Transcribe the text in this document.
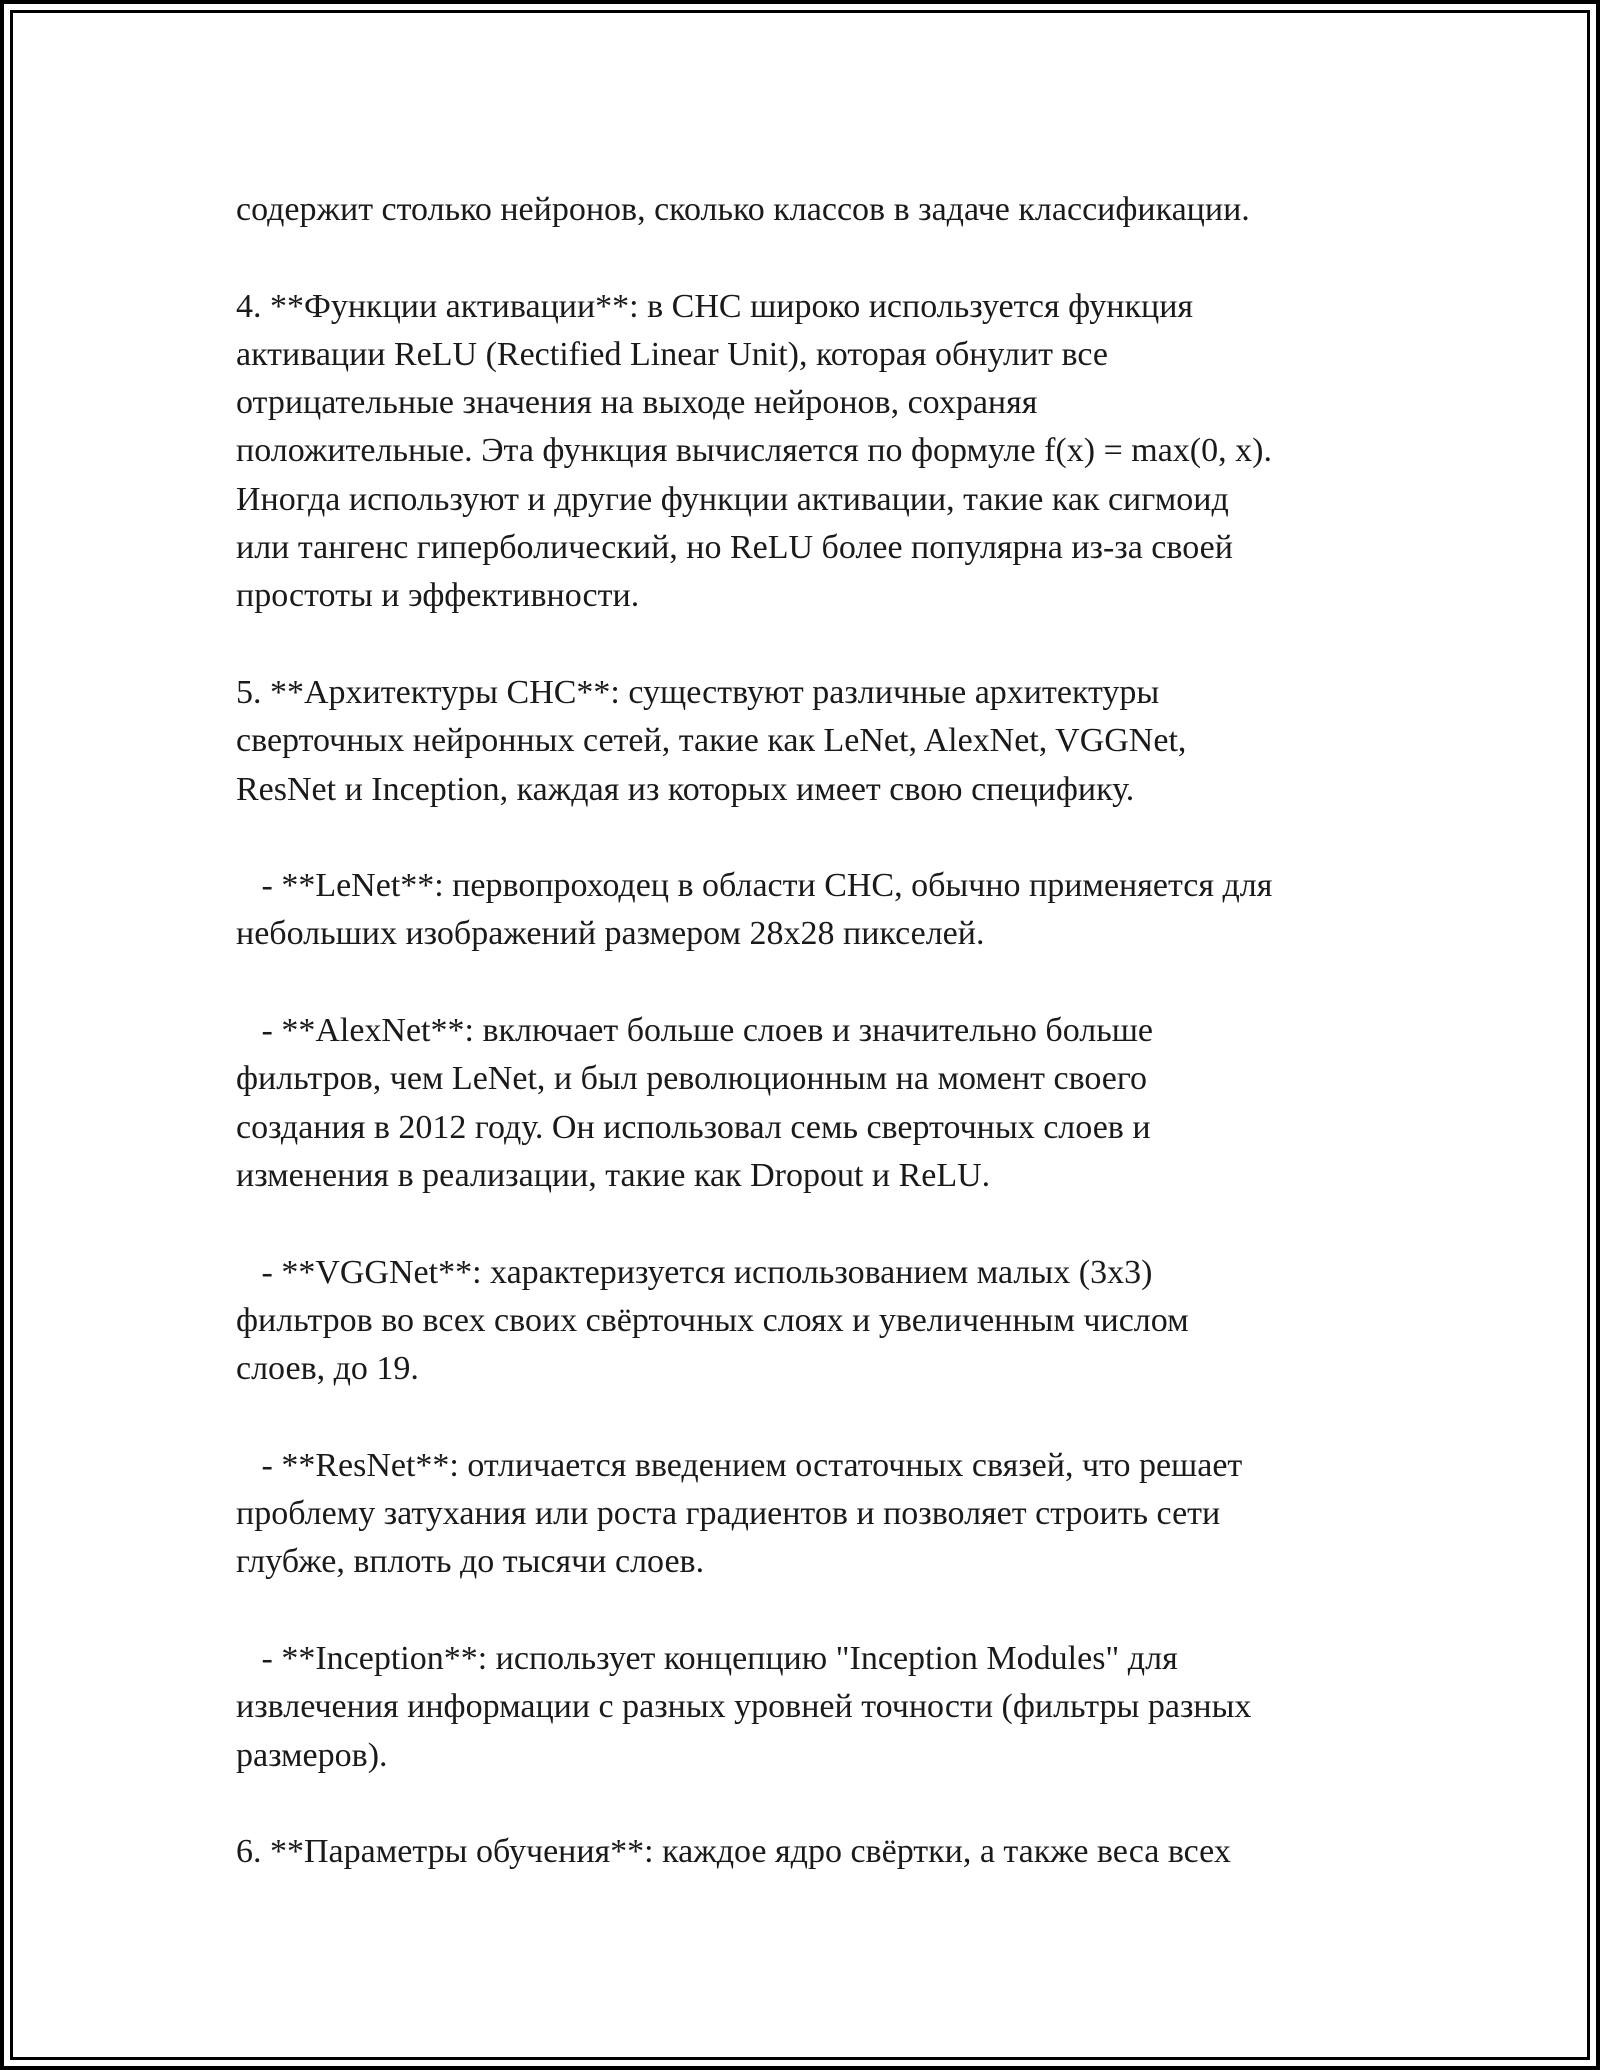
содержит столько нейронов, сколько классов в задаче классификации.
4. **Функции активации**: в СНС широко используется функция
активации ReLU (Rectified Linear Unit), которая обнулит все
отрицательные значения на выходе нейронов, сохраняя
положительные. Эта функция вычисляется по формуле f(x) = max(0, x).
Иногда используют и другие функции активации, такие как сигмоид
или тангенс гиперболический, но ReLU более популярна из-за своей
простоты и эффективности.
5. **Архитектуры СНС**: существуют различные архитектуры
сверточных нейронных сетей, такие как LeNet, AlexNet, VGGNet,
ResNet и Inception, каждая из которых имеет свою специфику.
- **LeNet**: первопроходец в области СНС, обычно применяется для
небольших изображений размером 28x28 пикселей.
- **AlexNet**: включает больше слоев и значительно больше
фильтров, чем LeNet, и был революционным на момент своего
создания в 2012 году. Он использовал семь сверточных слоев и
изменения в реализации, такие как Dropout и ReLU.
- **VGGNet**: характеризуется использованием малых (3x3)
фильтров во всех своих свёрточных слоях и увеличенным числом
слоев, до 19.
- **ResNet**: отличается введением остаточных связей, что решает
проблему затухания или роста градиентов и позволяет строить сети
глубже, вплоть до тысячи слоев.
- **Inception**: использует концепцию "Inception Modules" для
извлечения информации с разных уровней точности (фильтры разных
размеров).
6. **Параметры обучения**: каждое ядро свёртки, а также веса всех
